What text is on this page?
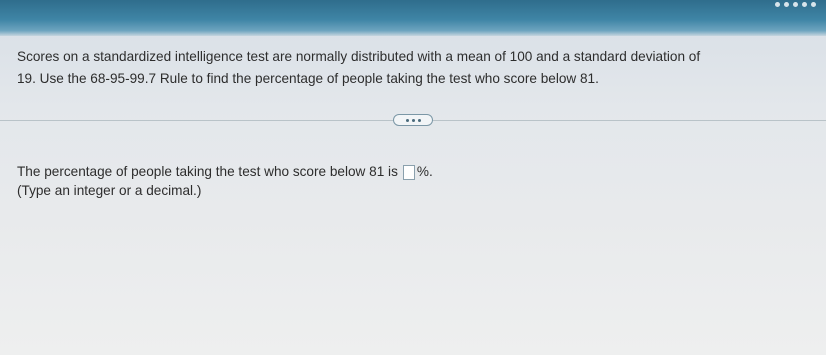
Scores on a standardized intelligence test are normally distributed with a mean of 100 and a standard deviation of
19. Use the 68-95-99.7 Rule to find the percentage of people taking the test who score below 81.
The percentage of people taking the test who score below 81 is %.
(Type an integer or a decimal.)
